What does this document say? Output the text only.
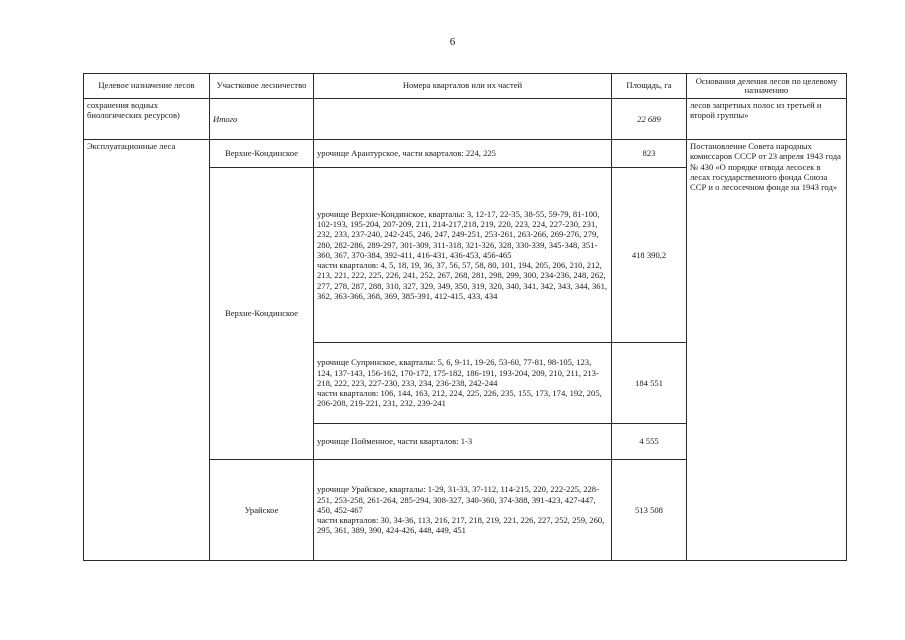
6
Целевое назначение лесов	Участковое лесничество	Номера кварталов или их частей	Площадь, га	Основания деления лесов по целевому назначению
сохранения водных биологических ресурсов)	Итого		22 689	лесов запретных полос из третьей и второй группы»
Эксплуатационные леса	Верхне-Кондинское	урочище Арантурское, части кварталов: 224, 225	823	Постановление Совета народных комиссаров СССР от 23 апреля 1943 года № 430 «О порядке отвода лесосек в лесах государственного фонда Союза ССР и о лесосечном фонде на 1943 год»
	Верхне-Кондинское	урочище Верхне-Кондинское, кварталы: 3, 12-17, 22-35, 38-55, 59-79, 81-100, 102-193, 195-204, 207-209, 211, 214-217,218, 219, 220, 223, 224, 227-230, 231, 232, 233, 237-240, 242-245, 246, 247, 249-251, 253-261, 263-266, 269-276, 279, 280, 282-286, 289-297, 301-309, 311-318, 321-326, 328, 330-339, 345-348, 351-360, 367, 370-384, 392-411, 416-431, 436-453, 456-465
части кварталов: 4, 5, 18, 19, 36, 37, 56, 57, 58, 80, 101, 194, 205, 206, 210, 212, 213, 221, 222, 225, 226, 241, 252, 267, 268, 281, 298, 299, 300, 234-236, 248, 262, 277, 278, 287, 288, 310, 327, 329, 349, 350, 319, 320, 340, 341, 342, 343, 344, 361, 362, 363-366, 368, 369, 385-391, 412-415, 433, 434	418 390,2	

		урочище Супринское, кварталы: 5, 6, 9-11, 19-26, 53-60, 77-81, 98-105, 123, 124, 137-143, 156-162, 170-172, 175-182, 186-191, 193-204, 209, 210, 211, 213-218, 222, 223, 227-230, 233, 234, 236-238, 242-244
части кварталов: 106, 144, 163, 212, 224, 225, 226, 235, 155, 173, 174, 192, 205, 206-208, 219-221, 231, 232, 239-241	184 551	
		урочище Пойменное, части кварталов: 1-3	4 555	
	Урайское	урочище Урайское, кварталы: 1-29, 31-33, 37-112, 114-215, 220, 222-225, 228-251, 253-258, 261-264, 285-294, 308-327, 340-360, 374-388, 391-423, 427-447, 450, 452-467
части кварталов: 30, 34-36, 113, 216, 217, 218, 219, 221, 226, 227, 252, 259, 260, 295, 361, 389, 390, 424-426, 448, 449, 451	513 508	
